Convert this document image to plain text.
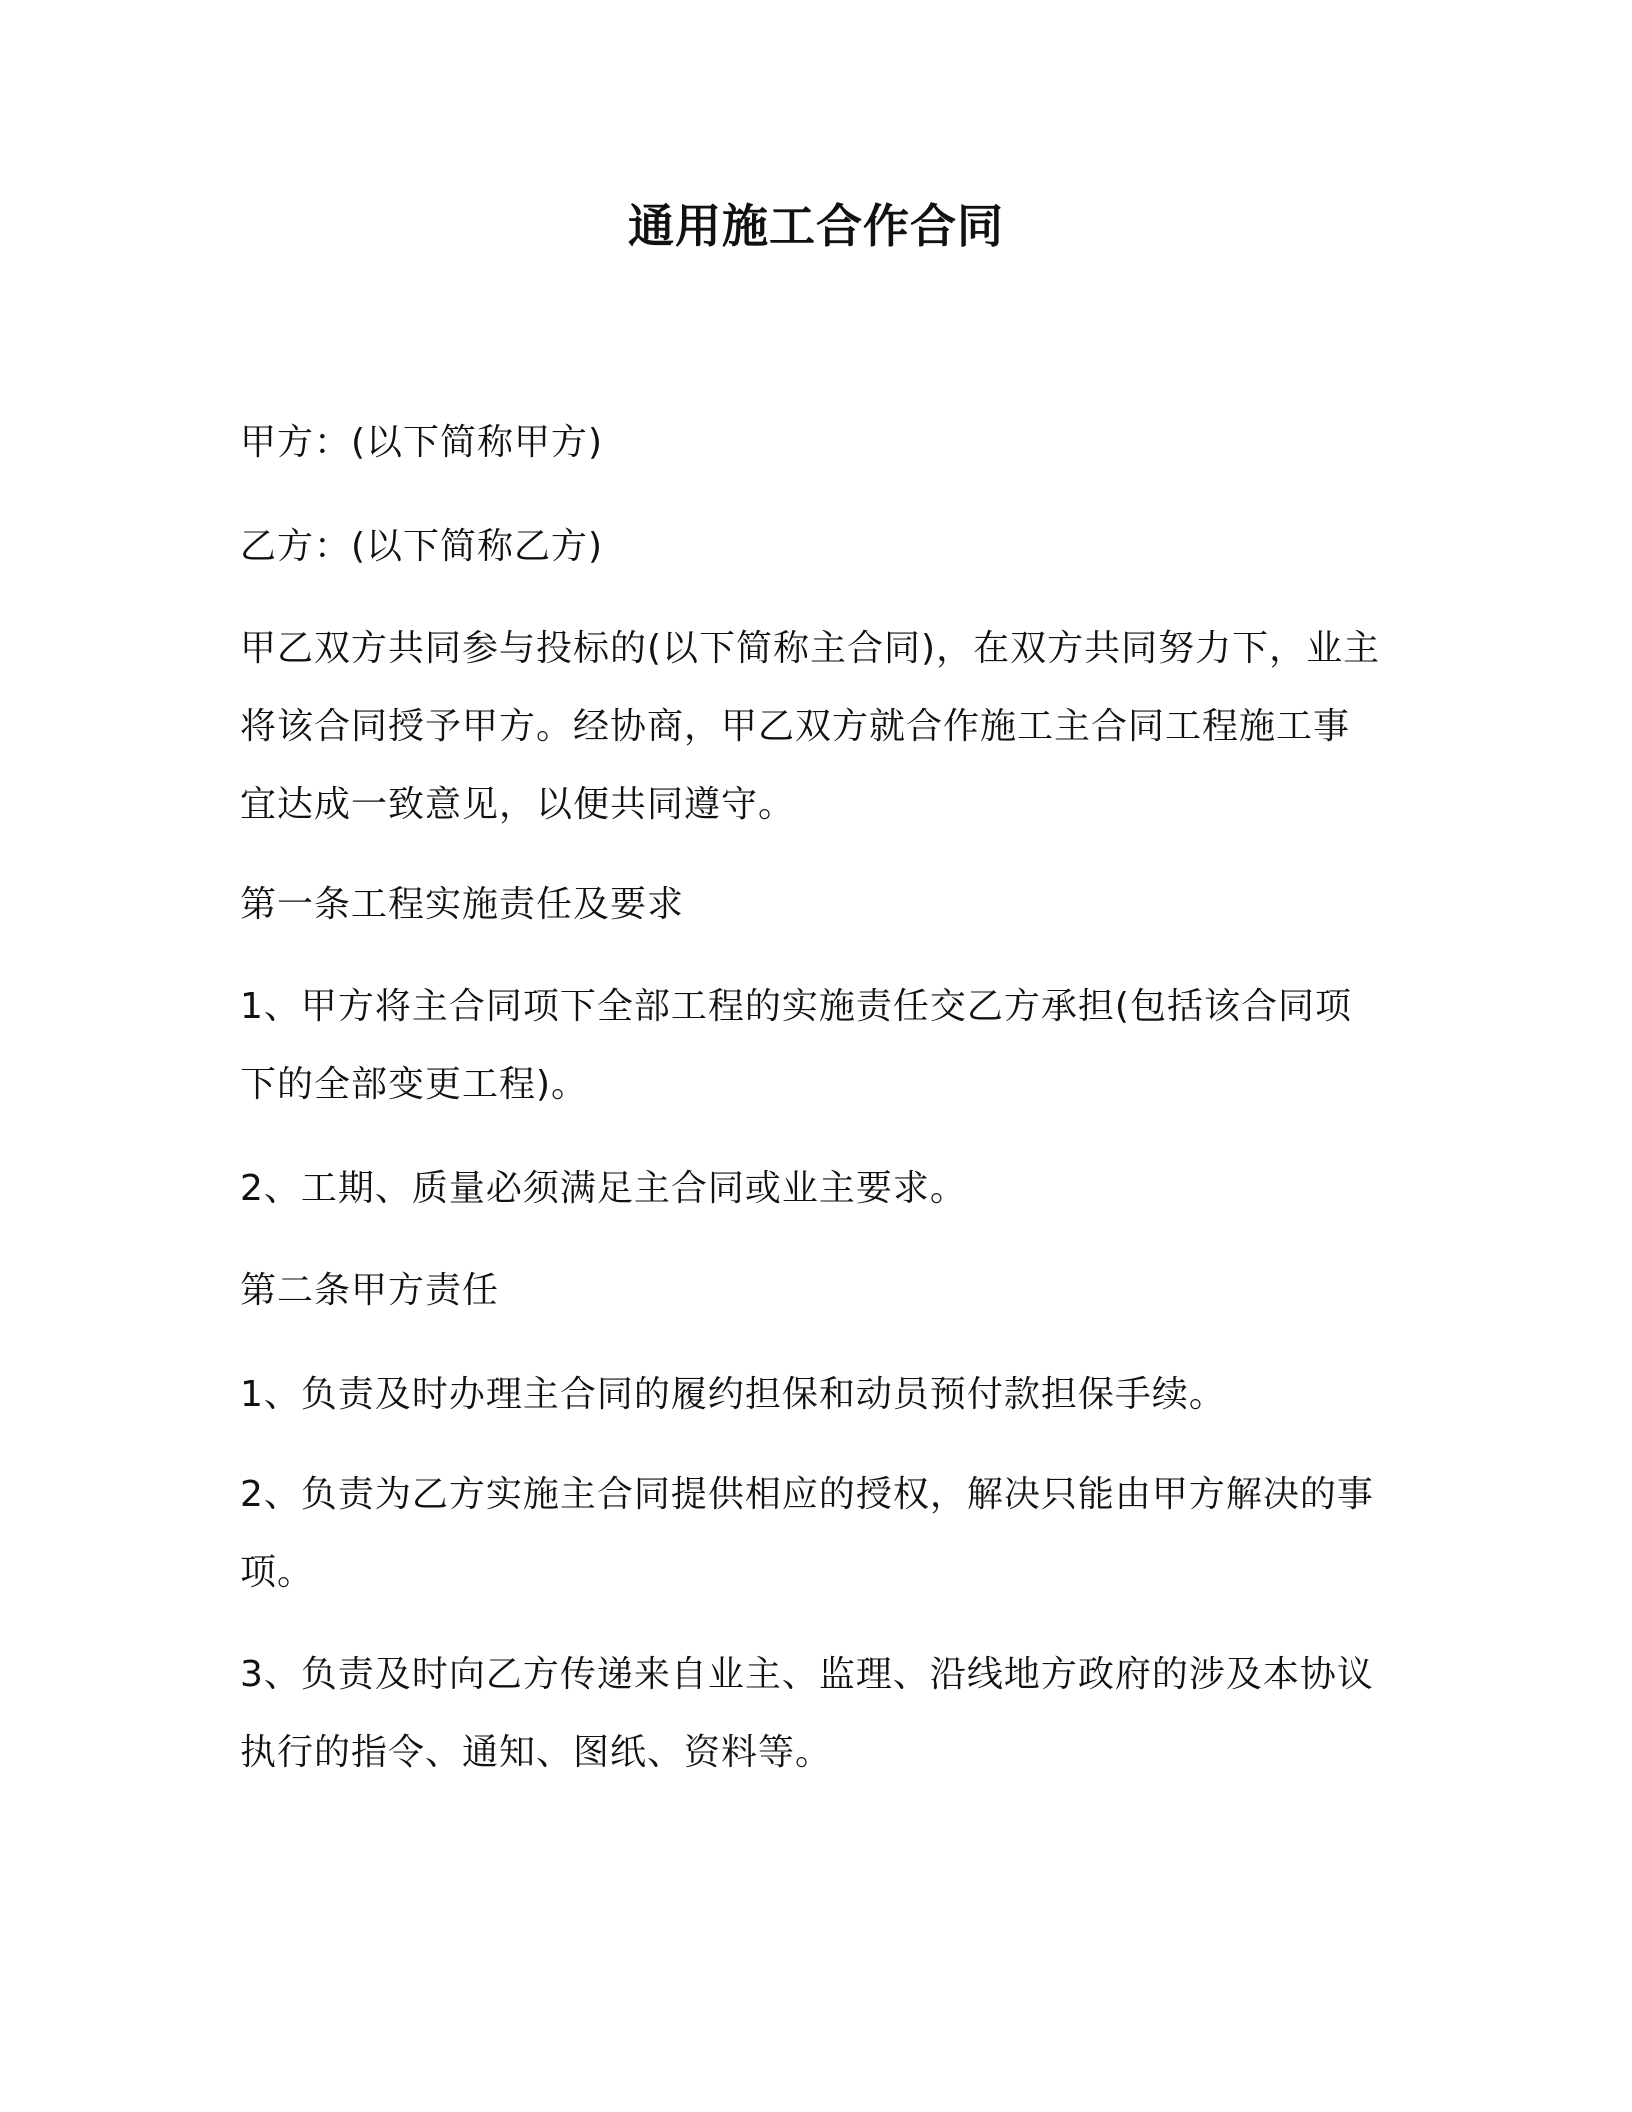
通用施工合作合同
甲方：(以下简称甲方)
乙方：(以下简称乙方)
甲乙双方共同参与投标的(以下简称主合同)，在双方共同努力下，业主
将该合同授予甲方。经协商，甲乙双方就合作施工主合同工程施工事
宜达成一致意见，以便共同遵守。
第一条工程实施责任及要求
1、甲方将主合同项下全部工程的实施责任交乙方承担(包括该合同项
下的全部变更工程)。
2、工期、质量必须满足主合同或业主要求。
第二条甲方责任
1、负责及时办理主合同的履约担保和动员预付款担保手续。
2、负责为乙方实施主合同提供相应的授权，解决只能由甲方解决的事
项。
3、负责及时向乙方传递来自业主、监理、沿线地方政府的涉及本协议
执行的指令、通知、图纸、资料等。
